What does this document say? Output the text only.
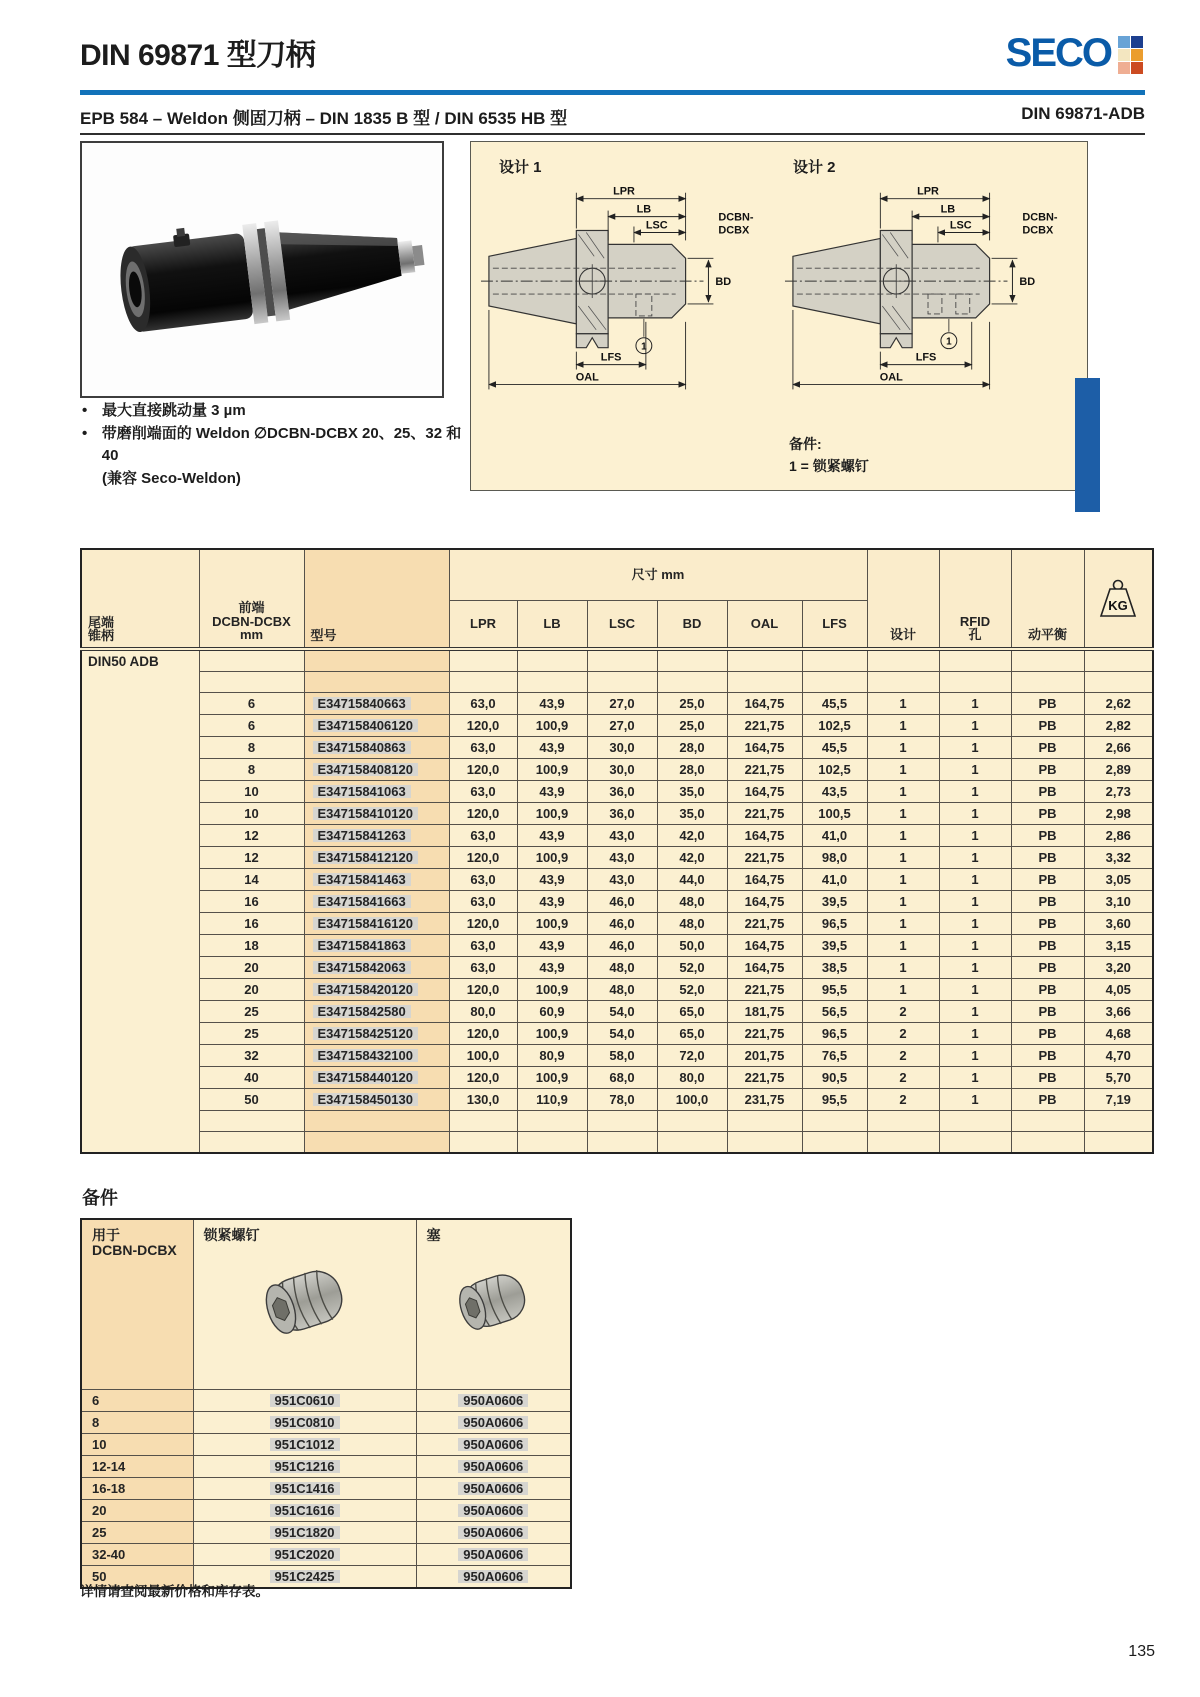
DIN 69871 型刀柄	SECO
EPB 584 – Weldon 侧固刀柄 – DIN 1835 B 型 / DIN 6535 HB 型	DIN 69871-ADB
设计 1	设计 2
LPR
LB
LSC
DCBN-
DCBX
BD
LFS
OAL
1
LPR
LB
LSC
DCBN-
DCBX
BD
LFS
OAL
1
备件:
1 = 锁紧螺钉
• 最大直接跳动量 3 µm
• 带磨削端面的 Weldon ∅DCBN-DCBX 20、25、32 和 40
(兼容 Seco-Weldon)
尾端
锥柄

前端
DCBN-DCBX
mm	型号	尺寸 mm	设计	
RFID
孔	动平衡	
KG

			LPR	LB	LSC	BD	OAL	LFS				
DIN50 ADB												

	6	E34715840663	63,0	43,9	27,0	25,0	164,75	45,5	1	1	PB	2,62
	6	E347158406120	120,0	100,9	27,0	25,0	221,75	102,5	1	1	PB	2,82
	8	E34715840863	63,0	43,9	30,0	28,0	164,75	45,5	1	1	PB	2,66
	8	E347158408120	120,0	100,9	30,0	28,0	221,75	102,5	1	1	PB	2,89
	10	E34715841063	63,0	43,9	36,0	35,0	164,75	43,5	1	1	PB	2,73
	10	E347158410120	120,0	100,9	36,0	35,0	221,75	100,5	1	1	PB	2,98
	12	E34715841263	63,0	43,9	43,0	42,0	164,75	41,0	1	1	PB	2,86
	12	E347158412120	120,0	100,9	43,0	42,0	221,75	98,0	1	1	PB	3,32
	14	E34715841463	63,0	43,9	43,0	44,0	164,75	41,0	1	1	PB	3,05
	16	E34715841663	63,0	43,9	46,0	48,0	164,75	39,5	1	1	PB	3,10
	16	E347158416120	120,0	100,9	46,0	48,0	221,75	96,5	1	1	PB	3,60
	18	E34715841863	63,0	43,9	46,0	50,0	164,75	39,5	1	1	PB	3,15
	20	E34715842063	63,0	43,9	48,0	52,0	164,75	38,5	1	1	PB	3,20
	20	E347158420120	120,0	100,9	48,0	52,0	221,75	95,5	1	1	PB	4,05
	25	E34715842580	80,0	60,9	54,0	65,0	181,75	56,5	2	1	PB	3,66
	25	E347158425120	120,0	100,9	54,0	65,0	221,75	96,5	2	1	PB	4,68
	32	E347158432100	100,0	80,9	58,0	72,0	201,75	76,5	2	1	PB	4,70
	40	E347158440120	120,0	100,9	68,0	80,0	221,75	90,5	2	1	PB	5,70
	50	E347158450130	130,0	110,9	78,0	100,0	231,75	95,5	2	1	PB	7,19

备件
用于
DCBN-DCBX	锁紧螺钉	塞

6	951C0610	950A0606
8	951C0810	950A0606
10	951C1012	950A0606
12-14	951C1216	950A0606
16-18	951C1416	950A0606
20	951C1616	950A0606
25	951C1820	950A0606
32-40	951C2020	950A0606
50	951C2425	950A0606
详情请查阅最新价格和库存表。
135
